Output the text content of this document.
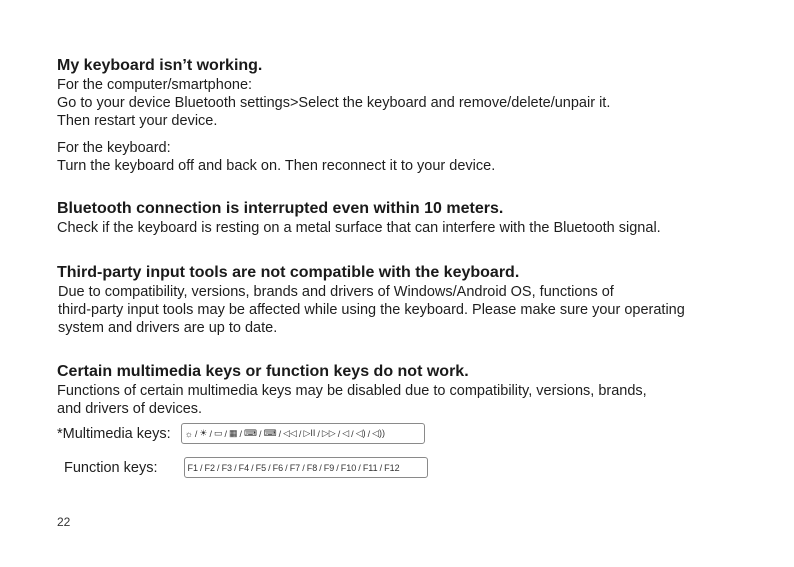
My keyboard isn’t working.

For the computer/smartphone:

Go to your device Bluetooth settings>Select the keyboard and remove/delete/unpair it.

Then restart your device.

For the keyboard:

Turn the keyboard off and back on. Then reconnect it to your device.

Bluetooth connection is interrupted even within 10 meters.

Check if the keyboard is resting on a metal surface that can interfere with the Bluetooth signal.

Third-party input tools are not compatible with the keyboard.

Due to compatibility, versions, brands and drivers of Windows/Android OS, functions of

third-party input tools may be affected while using the keyboard. Please make sure your operating

system and drivers are up to date.

Certain multimedia keys or function keys do not work.

Functions of certain multimedia keys may be disabled due to compatibility, versions, brands,

and drivers of devices.

*Multimedia keys: ☼ / ☀ / ▭ / ▦ / ⌨ / ⌨ / ◁◁ / ▷II / ▷▷ / ◁ / ◁) / ◁))
Function keys:	F1 / F2 / F3 / F4 / F5 / F6 / F7 / F8 / F9 / F10 / F11 / F12
22
